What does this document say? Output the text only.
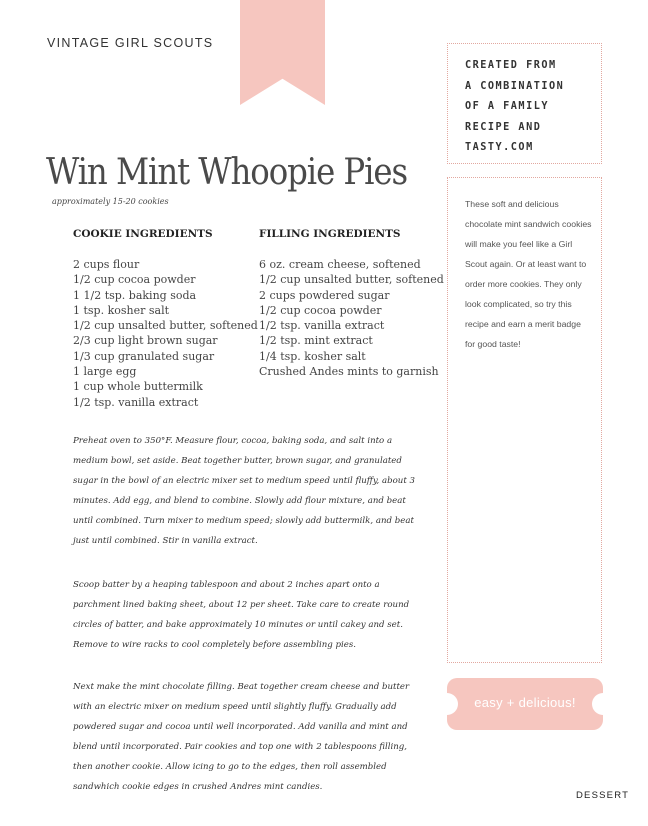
VINTAGE GIRL SCOUTS
Win Mint Whoopie Pies
approximately 15-20 cookies
COOKIE INGREDIENTS	FILLING INGREDIENTS
2 cups flour
1/2 cup cocoa powder
1 1/2 tsp. baking soda
1 tsp. kosher salt
1/2 cup unsalted butter, softened
2/3 cup light brown sugar
1/3 cup granulated sugar
1 large egg
1 cup whole buttermilk
1/2 tsp. vanilla extract
6 oz. cream cheese, softened
1/2 cup unsalted butter, softened
2 cups powdered sugar
1/2 cup cocoa powder
1/2 tsp. vanilla extract
1/2 tsp. mint extract
1/4 tsp. kosher salt
Crushed Andes mints to garnish

Preheat oven to 350°F. Measure flour, cocoa, baking soda, and salt into a medium bowl, set aside. Beat together butter, brown sugar, and granulated sugar in the bowl of an electric mixer set to medium speed until fluffy, about 3 minutes. Add egg, and blend to combine. Slowly add flour mixture, and beat until combined. Turn mixer to medium speed; slowly add buttermilk, and beat just until combined. Stir in vanilla extract.

Scoop batter by a heaping tablespoon and about 2 inches apart onto a parchment lined baking sheet, about 12 per sheet. Take care to create round circles of batter, and bake approximately 10 minutes or until cakey and set. Remove to wire racks to cool completely before assembling pies.

Next make the mint chocolate filling. Beat together cream cheese and butter with an electric mixer on medium speed until slightly fluffy. Gradually add powdered sugar and cocoa until well incorporated. Add vanilla and mint and blend until incorporated. Pair cookies and top one with 2 tablespoons filling, then another cookie. Allow icing to go to the edges, then roll assembled sandwhich cookie edges in crushed Andres mint candies.

CREATED FROM
A COMBINATION
OF A FAMILY
RECIPE AND
TASTY.COM

These soft and delicious chocolate mint sandwich cookies will make you feel like a Girl Scout again. Or at least want to order more cookies. They only look complicated, so try this recipe and earn a merit badge for good taste!

easy + delicious!
DESSERT
